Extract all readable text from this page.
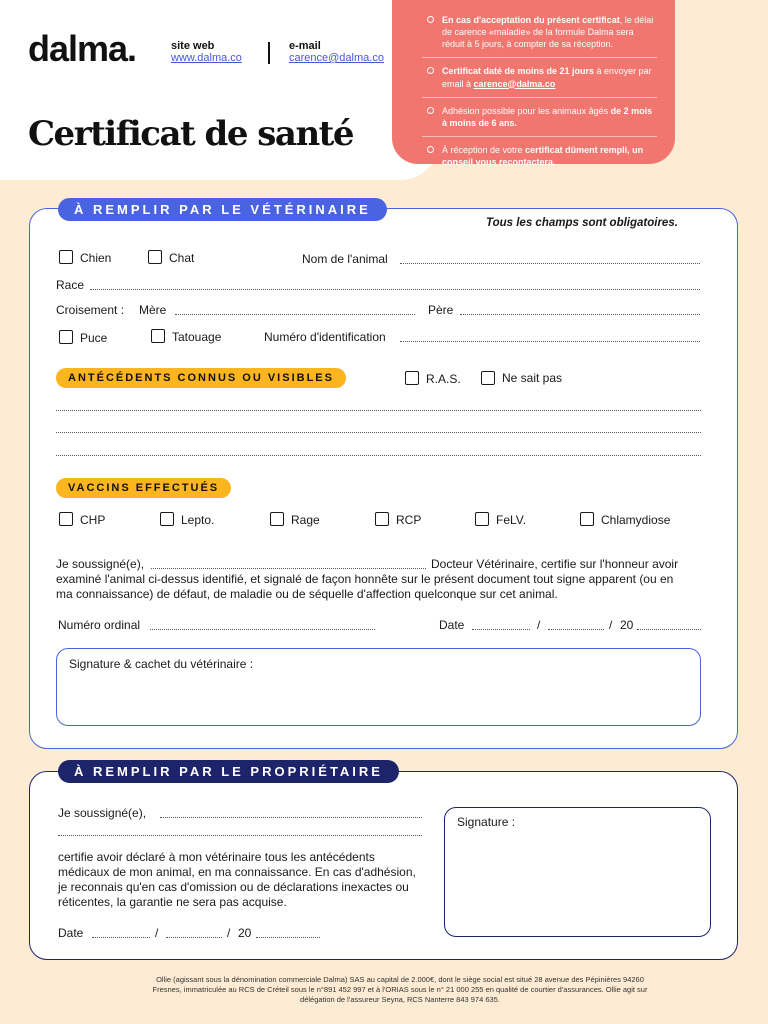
dalma.	site web
www.dalma.co
e-mail
carence@dalma.co
Certificat de santé
En cas d'acceptation du présent certificat, le délai de carence «maladie» de la formule Dalma sera réduit à 5 jours, à compter de sa réception.
Certificat daté de moins de 21 jours à envoyer par email à carence@dalma.co
Adhésion possible pour les animaux âgés de 2 mois à moins de 6 ans.
À réception de votre certificat dûment rempli, un conseil vous recontactera.
À REMPLIR PAR LE VÉTÉRINAIRE
Tous les champs sont obligatoires.
Chien	Chat	Nom de l'animal
Race
Croisement : Mère	Père
Puce	Tatouage	Numéro d'identification
ANTÉCÉDENTS CONNUS OU VISIBLES	R.A.S.	Ne sait pas
VACCINS EFFECTUÉS
CHP	Lepto.	Rage	RCP	FeLV.	Chlamydiose
Je soussigné(e),	Docteur Vétérinaire, certifie sur l'honneur avoir
examiné l'animal ci-dessus identifié, et signalé de façon honnête sur le présent document tout signe apparent (ou en
ma connaissance) de défaut, de maladie ou de séquelle d'affection quelconque sur cet animal.
Numéro ordinal	Date	/	/ 20
Signature & cachet du vétérinaire :
À REMPLIR PAR LE PROPRIÉTAIRE
Je soussigné(e),
certifie avoir déclaré à mon vétérinaire tous les antécédents médicaux de mon animal, en ma connaissance. En cas d'adhésion, je reconnais qu'en cas d'omission ou de déclarations inexactes ou réticentes, la garantie ne sera pas acquise.
Date	/	/ 20
Signature :
Ollie (agissant sous la dénomination commerciale Dalma) SAS au capital de 2.000€, dont le siège social est situé 28 avenue des Pépinières 94260 Fresnes, immatriculée au RCS de Créteil sous le n°891 452 997 et à l'ORIAS sous le n° 21 000 255 en qualité de courtier d'assurances. Ollie agit sur délégation de l'assureur Seyna, RCS Nanterre 843 974 635.
